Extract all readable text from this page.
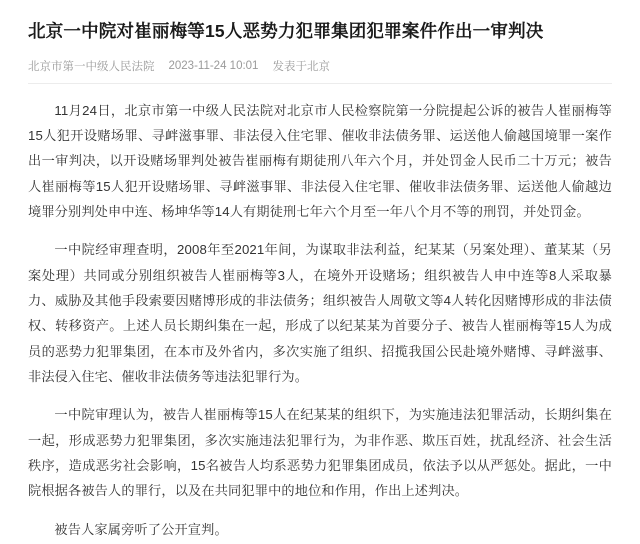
北京一中院对崔丽梅等15人恶势力犯罪集团犯罪案件作出一审判决
北京市第一中级人民法院 2023-11-24 10:01 发表于北京

11月24日，北京市第一中级人民法院对北京市人民检察院第一分院提起公诉的被告人崔丽梅等15人犯开设赌场罪、寻衅滋事罪、非法侵入住宅罪、催收非法债务罪、运送他人偷越国境罪一案作出一审判决，以开设赌场罪判处被告崔丽梅有期徒刑八年六个月，并处罚金人民币二十万元；被告人崔丽梅等15人犯开设赌场罪、寻衅滋事罪、非法侵入住宅罪、催收非法债务罪、运送他人偷越边境罪分别判处申中连、杨坤华等14人有期徒刑七年六个月至一年八个月不等的刑罚，并处罚金。

一中院经审理查明，2008年至2021年间，为谋取非法利益，纪某某（另案处理）、董某某（另案处理）共同或分别组织被告人崔丽梅等3人，在境外开设赌场；组织被告人申中连等8人采取暴力、威胁及其他手段索要因赌博形成的非法债务；组织被告人周敬文等4人转化因赌博形成的非法债权、转移资产。上述人员长期纠集在一起，形成了以纪某某为首要分子、被告人崔丽梅等15人为成员的恶势力犯罪集团，在本市及外省内，多次实施了组织、招揽我国公民赴境外赌博、寻衅滋事、非法侵入住宅、催收非法债务等违法犯罪行为。

一中院审理认为，被告人崔丽梅等15人在纪某某的组织下，为实施违法犯罪活动，长期纠集在一起，形成恶势力犯罪集团，多次实施违法犯罪行为，为非作恶、欺压百姓，扰乱经济、社会生活秩序，造成恶劣社会影响，15名被告人均系恶势力犯罪集团成员，依法予以从严惩处。据此，一中院根据各被告人的罪行，以及在共同犯罪中的地位和作用，作出上述判决。

被告人家属旁听了公开宣判。
